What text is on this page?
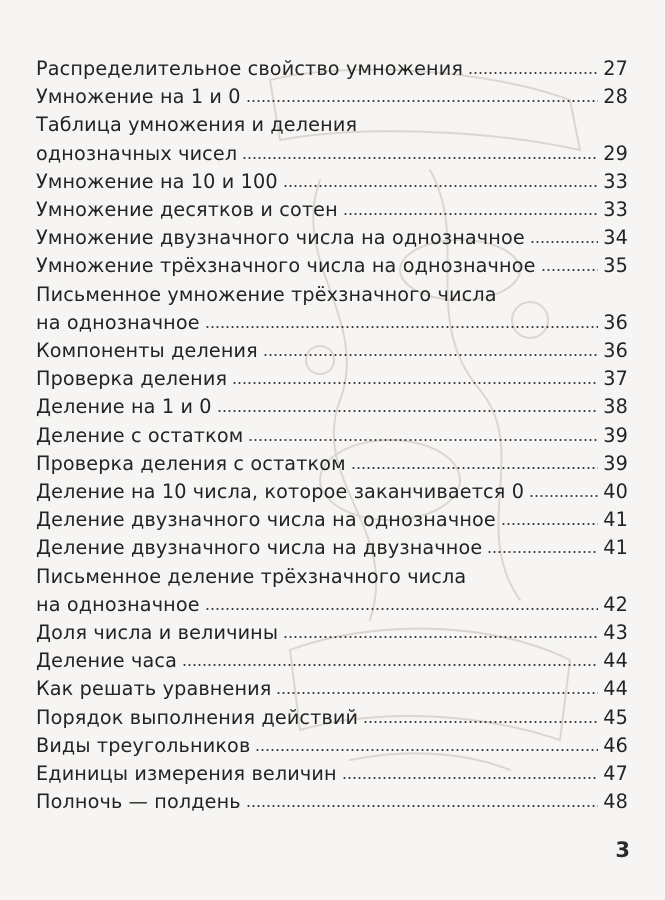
Распределительное свойство умножения	27
Умножение на 1 и 0	28
Таблица умножения и деления
однозначных чисел	29
Умножение на 10 и 100	33
Умножение десятков и сотен	33
Умножение двузначного числа на однозначное	34
Умножение трёхзначного числа на однозначное	35
Письменное умножение трёхзначного числа
на однозначное	36
Компоненты деления	36
Проверка деления	37
Деление на 1 и 0	38
Деление с остатком	39
Проверка деления с остатком	39
Деление на 10 числа, которое заканчивается 0	40
Деление двузначного числа на однозначное	41
Деление двузначного числа на двузначное	41
Письменное деление трёхзначного числа
на однозначное	42
Доля числа и величины	43
Деление часа	44
Как решать уравнения	44
Порядок выполнения действий	45
Виды треугольников	46
Единицы измерения величин	47
Полночь — полдень	48
3
